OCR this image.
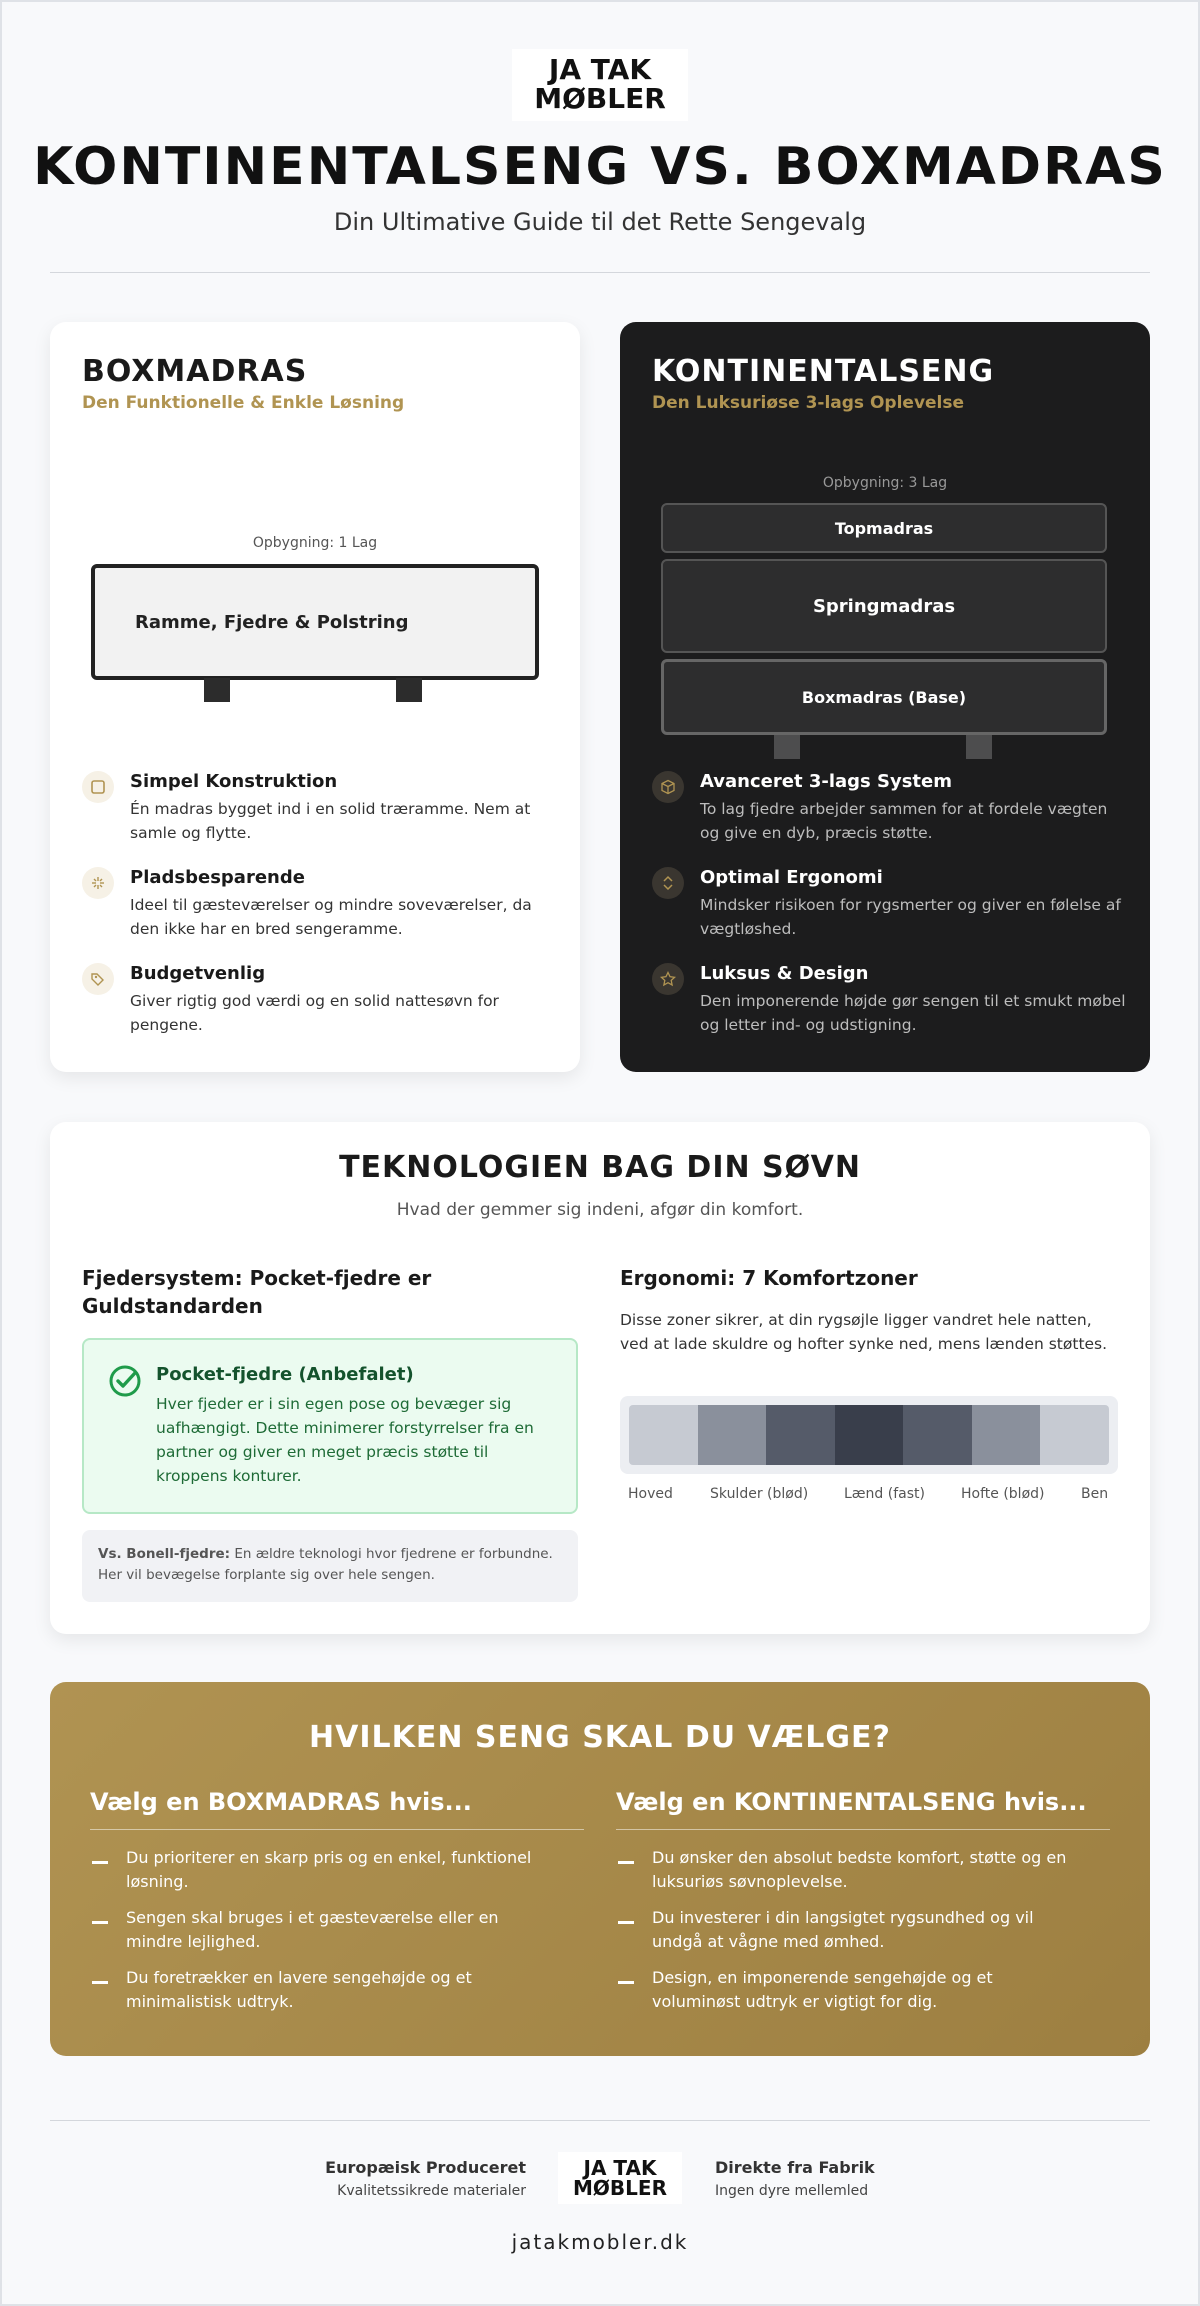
JA TAK
MØBLER
KONTINENTALSENG VS. BOXMADRAS
Din Ultimative Guide til det Rette Sengevalg
BOXMADRAS
Den Funktionelle & Enkle Løsning
Opbygning: 1 Lag
Ramme, Fjedre & Polstring
Simpel Konstruktion
Én madras bygget ind i en solid træramme. Nem at samle og flytte.
Pladsbesparende
Ideel til gæsteværelser og mindre soveværelser, da den ikke har en bred sengeramme.
Budgetvenlig
Giver rigtig god værdi og en solid nattesøvn for pengene.
KONTINENTALSENG
Den Luksuriøse 3-lags Oplevelse
Opbygning: 3 Lag
Topmadras
Springmadras
Boxmadras (Base)
Avanceret 3-lags System
To lag fjedre arbejder sammen for at fordele vægten og give en dyb, præcis støtte.
Optimal Ergonomi
Mindsker risikoen for rygsmerter og giver en følelse af vægtløshed.
Luksus & Design
Den imponerende højde gør sengen til et smukt møbel og letter ind- og udstigning.
TEKNOLOGIEN BAG DIN SØVN
Hvad der gemmer sig indeni, afgør din komfort.
Fjedersystem: Pocket-fjedre er Guldstandarden
Pocket-fjedre (Anbefalet)
Hver fjeder er i sin egen pose og bevæger sig uafhængigt. Dette minimerer forstyrrelser fra en partner og giver en meget præcis støtte til kroppens konturer.
Vs. Bonell-fjedre: En ældre teknologi hvor fjedrene er forbundne. Her vil bevægelse forplante sig over hele sengen.
Ergonomi: 7 Komfortzoner
Disse zoner sikrer, at din rygsøjle ligger vandret hele natten, ved at lade skuldre og hofter synke ned, mens lænden støttes.
Hoved	Skulder (blød)	Lænd (fast)	Hofte (blød)	Ben
HVILKEN SENG SKAL DU VÆLGE?
Vælg en BOXMADRAS hvis...
Du prioriterer en skarp pris og en enkel, funktionel løsning.
Sengen skal bruges i et gæsteværelse eller en mindre lejlighed.
Du foretrækker en lavere sengehøjde og et minimalistisk udtryk.
Vælg en KONTINENTALSENG hvis...
Du ønsker den absolut bedste komfort, støtte og en luksuriøs søvnoplevelse.
Du investerer i din langsigtet rygsundhed og vil undgå at vågne med ømhed.
Design, en imponerende sengehøjde og et voluminøst udtryk er vigtigt for dig.
Europæisk Produceret
Kvalitetssikrede materialer
JA TAK
MØBLER
Direkte fra Fabrik
Ingen dyre mellemled
jatakmobler.dk
